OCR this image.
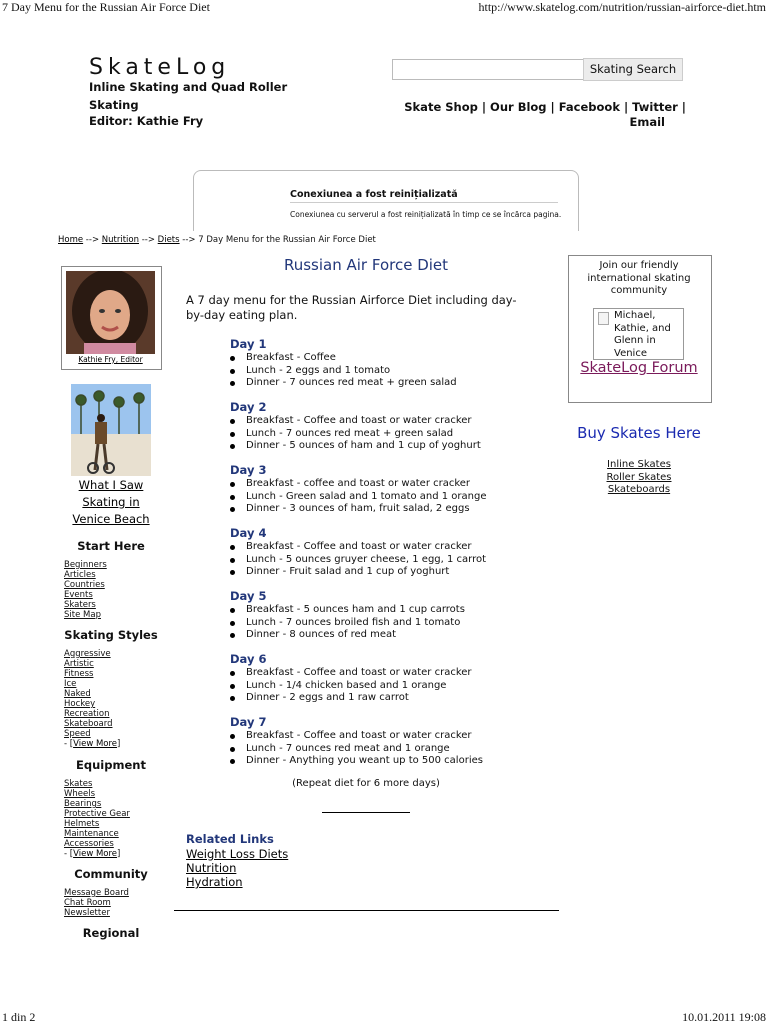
7 Day Menu for the Russian Air Force Diet	http://www.skatelog.com/nutrition/russian-airforce-diet.htm
SkateLog
Inline Skating and Quad Roller Skating
Editor: Kathie Fry
Skating Search
Skate Shop | Our Blog | Facebook | Twitter |
Email
Conexiunea a fost reinițializată
Conexiunea cu serverul a fost reinițializată în timp ce se încărca pagina.
Home --> Nutrition --> Diets --> 7 Day Menu for the Russian Air Force Diet
Kathie Fry, Editor
What I Saw
Skating in
Venice Beach
Start Here
Beginners
Articles
Countries
Events
Skaters
Site Map
Skating Styles
Aggressive
Artistic
Fitness
Ice
Naked
Hockey
Recreation
Skateboard
Speed
- [View More]
Equipment
Skates
Wheels
Bearings
Protective Gear
Helmets
Maintenance
Accessories
- [View More]
Community
Message Board
Chat Room
Newsletter
Regional
Russian Air Force Diet
A 7 day menu for the Russian Airforce Diet including day-by-day eating plan.
Day 1
Breakfast - Coffee
Lunch - 2 eggs and 1 tomato
Dinner - 7 ounces red meat + green salad
Day 2
Breakfast - Coffee and toast or water cracker
Lunch - 7 ounces red meat + green salad
Dinner - 5 ounces of ham and 1 cup of yoghurt
Day 3
Breakfast - coffee and toast or water cracker
Lunch - Green salad and 1 tomato and 1 orange
Dinner - 3 ounces of ham, fruit salad, 2 eggs
Day 4
Breakfast - Coffee and toast or water cracker
Lunch - 5 ounces gruyer cheese, 1 egg, 1 carrot
Dinner - Fruit salad and 1 cup of yoghurt
Day 5
Breakfast - 5 ounces ham and 1 cup carrots
Lunch - 7 ounces broiled fish and 1 tomato
Dinner - 8 ounces of red meat
Day 6
Breakfast - Coffee and toast or water cracker
Lunch - 1/4 chicken based and 1 orange
Dinner - 2 eggs and 1 raw carrot
Day 7
Breakfast - Coffee and toast or water cracker
Lunch - 7 ounces red meat and 1 orange
Dinner - Anything you weant up to 500 calories
(Repeat diet for 6 more days)
Related Links
Weight Loss Diets
Nutrition
Hydration
Join our friendly international skating community
Michael, Kathie, and Glenn in Venice
SkateLog Forum
Buy Skates Here
Inline Skates
Roller Skates
Skateboards
1 din 2	10.01.2011 19:08
